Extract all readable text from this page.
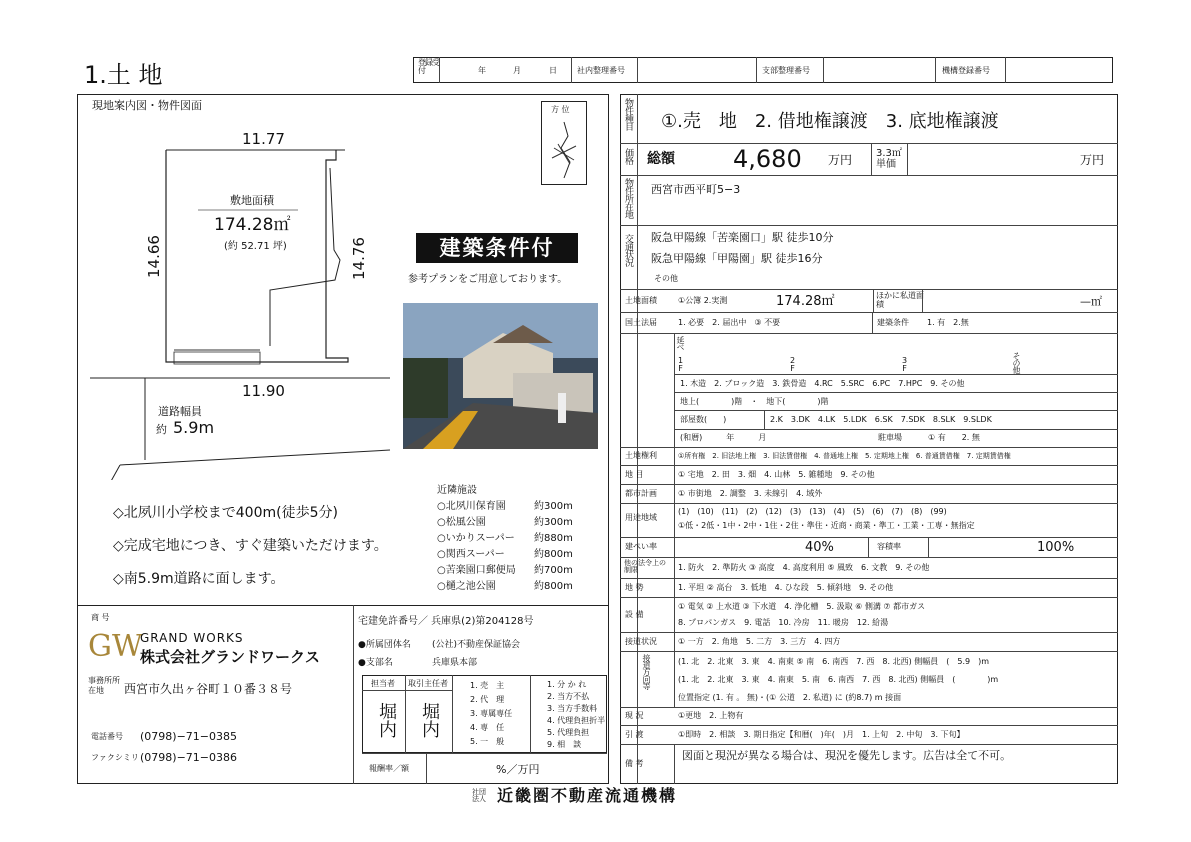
1.土 地	登録受付	年	月	日	社内整理番号	支部整理番号	機構登録番号
現地案内図・物件図面	方 位
11.77
14.66	14.76
敷地面積
174.28㎡
(約 52.71 坪)
11.90
道路幅員
約 5.9m
建築条件付
参考プランをご用意しております。
◇北夙川小学校まで400m(徒歩5分)
◇完成宅地につき、すぐ建築いただけます。
◇南5.9m道路に面します。
近隣施設
○北夙川保育園	約300m
○松風公園	約300m
○いかりスーパー 約880m
○関西スーパー	約800m
○苦楽園口郵便局 約700m
○樋之池公園	約800m
商 号
GW
GRAND WORKS
株式会社グランドワークス
事務所所在地	西宮市久出ヶ谷町１０番３８号
電話番号 (0798)−71−0385
ファクシミリ (0798)−71−0386
宅建免許番号／ 兵庫県(2)第204128号
●所属団体名 (公社)不動産保証協会
●支部名	兵庫県本部
担当者 取引主任者
堀内 堀内
1. 売　主
2. 代　理
3. 専属専任
4. 専　任
5. 一　般
1. 分 か れ
2. 当方不払
3. 当方手数料
4. 代理負担折半
5. 代理負担
9. 相　談
報酬率／額	%／万円
物件種目 ①.売　地　2. 借地権譲渡　3. 底地権譲渡
価格 総額 4,680 万円 3.3㎡単価	万円
物件所在地 西宮市西平町5−3
交通状況 阪急甲陽線「苦楽園口」駅 徒歩10分
阪急甲陽線「甲陽園」駅 徒歩16分
その他
土地面積	①公簿 2.実測	174.28㎡	ほかに私道面積	—㎡
国土法届	1. 必要　2. 届出中　③ 不要	建築条件 1. 有　2.無
延べ
1F	2F	3F	その他
1. 木造　2. ブロック造　3. 鉄骨造　4.RC　5.SRC　6.PC　7.HPC　9. その他
地上(　　　　)階　・　地下(　　　　)階
部屋数(　　)	2.K　3.DK　4.LK　5.LDK　6.SK　7.SDK　8.SLK　9.SLDK
(和暦)　　　年　　　月	駐車場	① 有　　2. 無
土地権利	①所有権　2. 旧法地上権　3. 旧法賃借権　4. 普通地上権　5. 定期地上権　6. 普通賃借権　7. 定期賃借権
地 目	① 宅地　2. 田　3. 畑　4. 山林　5. 雑種地　9. その他
都市計画	① 市街地　2. 調整　3. 未線引　4. 域外
用途地域
(1)　(10)　(11)　(2)　(12)　(3)　(13)　(4)　(5)　(6)　(7)　(8)　(99)
①低・2低・1中・2中・1住・2住・準住・近商・商業・準工・工業・工専・無指定
建ぺい率	40%	容積率	100%
他の法令上の制限	1. 防火　2. 準防火 ③ 高度　4. 高度利用 ⑤ 風致　6. 文教　9. その他
地 勢	1. 平坦 ② 高台　3. 低地　4. ひな段　5. 傾斜地　9. その他
設 備
① 電気 ② 上水道 ③ 下水道　4. 浄化槽　5. 汲取 ⑥ 側溝 ⑦ 都市ガス
8. プロパンガス　9. 電話　10. 冷房　11. 暖房　12. 給湯
接道状況	① 一方　2. 角地　5. 二方　3. 三方　4. 四方
接道方向等	(1. 北　2. 北東　3. 東　4. 南東 ⑤ 南　6. 南西　7. 西　8. 北西) 側幅員　(　5.9　)m
(1. 北　2. 北東　3. 東　4. 南東　5. 南　6. 南西　7. 西　8. 北西) 側幅員　(　　　　)m
位置指定 (1. 有 。 無)・(① 公道　2. 私道) に (約8.7) m 接面
現 況	①更地　2. 上物有
引 渡	①即時　2. 相談　3. 期日指定【和暦(　)年(　)月　1. 上旬　2. 中旬　3. 下旬】
備 考
図面と現況が異なる場合は、現況を優先します。広告は全て不可。
社団法人 近畿圏不動産流通機構
